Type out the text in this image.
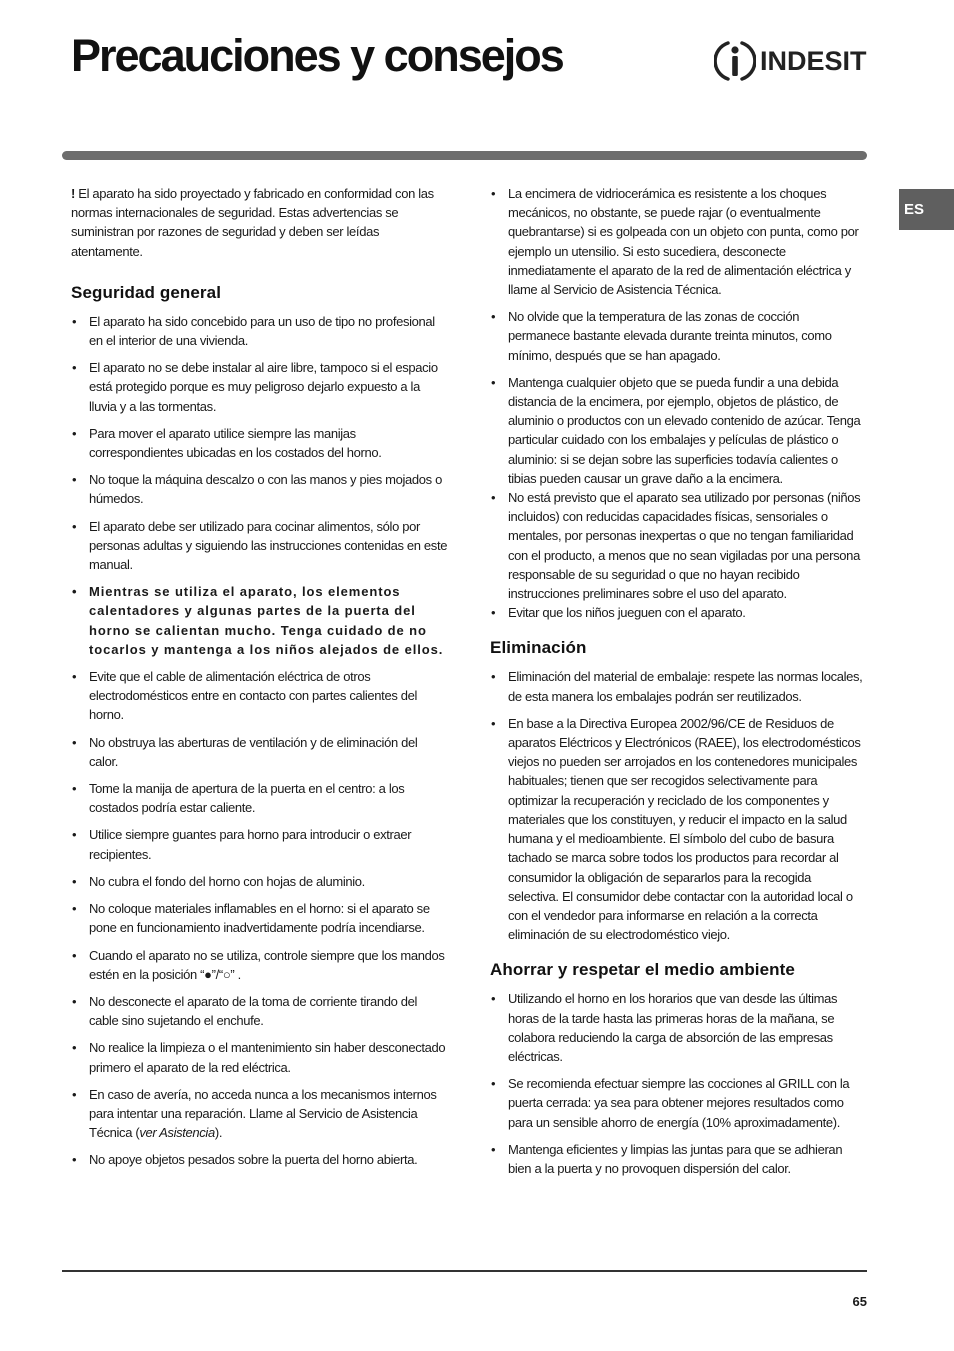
Precauciones y consejos	INDESIT
ES

! El aparato ha sido proyectado y fabricado en conformidad con las normas internacionales de seguridad. Estas advertencias se suministran por razones de seguridad y deben ser leídas atentamente.

Seguridad general
• El aparato ha sido concebido para un uso de tipo no profesional en el interior de una vivienda.
• El aparato no se debe instalar al aire libre, tampoco si el espacio está protegido porque es muy peligroso dejarlo expuesto a la lluvia y a las tormentas.
• Para mover el aparato utilice siempre las manijas correspondientes ubicadas en los costados del horno.
• No toque la máquina descalzo o con las manos y pies mojados o húmedos.
• El aparato debe ser utilizado para cocinar alimentos, sólo por personas adultas y siguiendo las instrucciones contenidas en este manual.
• Mientras se utiliza el aparato, los elementos calentadores y algunas partes de la puerta del horno se calientan mucho. Tenga cuidado de no tocarlos y mantenga a los niños alejados de ellos.
• Evite que el cable de alimentación eléctrica de otros electrodomésticos entre en contacto con partes calientes del horno.
• No obstruya las aberturas de ventilación y de eliminación del calor.
• Tome la manija de apertura de la puerta en el centro: a los costados podría estar caliente.
• Utilice siempre guantes para horno para introducir o extraer recipientes.
• No cubra el fondo del horno con hojas de aluminio.
• No coloque materiales inflamables en el horno: si el aparato se pone en funcionamiento inadvertidamente podría incendiarse.
• Cuando el aparato no se utiliza, controle siempre que los mandos estén en la posición “●”/“○” .
• No desconecte el aparato de la toma de corriente tirando del cable sino sujetando el enchufe.
• No realice la limpieza o el mantenimiento sin haber desconectado primero el aparato de la red eléctrica.
• En caso de avería, no acceda nunca a los mecanismos internos para intentar una reparación. Llame al Servicio de Asistencia Técnica (ver Asistencia).
• No apoye objetos pesados sobre la puerta del horno abierta.
• La encimera de vidriocerámica es resistente a los choques mecánicos, no obstante, se puede rajar (o eventualmente quebrantarse) si es golpeada con un objeto con punta, como por ejemplo un utensilio. Si esto sucediera, desconecte inmediatamente el aparato de la red de alimentación eléctrica y llame al Servicio de Asistencia Técnica.
• No olvide que la temperatura de las zonas de cocción permanece bastante elevada durante treinta minutos, como mínimo, después que se han apagado.
• Mantenga cualquier objeto que se pueda fundir a una debida distancia de la encimera, por ejemplo, objetos de plástico, de aluminio o productos con un elevado contenido de azúcar. Tenga particular cuidado con los embalajes y películas de plástico o aluminio: si se dejan sobre las superficies todavía calientes o tibias pueden causar un grave daño a la encimera.
• No está previsto que el aparato sea utilizado por personas (niños incluidos) con reducidas capacidades físicas, sensoriales o mentales, por personas inexpertas o que no tengan familiaridad con el producto, a menos que no sean vigiladas por una persona responsable de su seguridad o que no hayan recibido instrucciones preliminares sobre el uso del aparato.
• Evitar que los niños jueguen con el aparato.
Eliminación
• Eliminación del material de embalaje: respete las normas locales, de esta manera los embalajes podrán ser reutilizados.
• En base a la Directiva Europea 2002/96/CE de Residuos de aparatos Eléctricos y Electrónicos (RAEE), los electrodomésticos viejos no pueden ser arrojados en los contenedores municipales habituales; tienen que ser recogidos selectivamente para optimizar la recuperación y reciclado de los componentes y materiales que los constituyen, y reducir el impacto en la salud humana y el medioambiente. El símbolo del cubo de basura tachado se marca sobre todos los productos para recordar al consumidor la obligación de separarlos para la recogida selectiva. El consumidor debe contactar con la autoridad local o con el vendedor para informarse en relación a la correcta eliminación de su electrodoméstico viejo.
Ahorrar y respetar el medio ambiente
• Utilizando el horno en los horarios que van desde las últimas horas de la tarde hasta las primeras horas de la mañana, se colabora reduciendo la carga de absorción de las empresas eléctricas.
• Se recomienda efectuar siempre las cocciones al GRILL con la puerta cerrada: ya sea para obtener mejores resultados como para un sensible ahorro de energía (10% aproximadamente).
• Mantenga eficientes y limpias las juntas para que se adhieran bien a la puerta y no provoquen dispersión del calor.
65
